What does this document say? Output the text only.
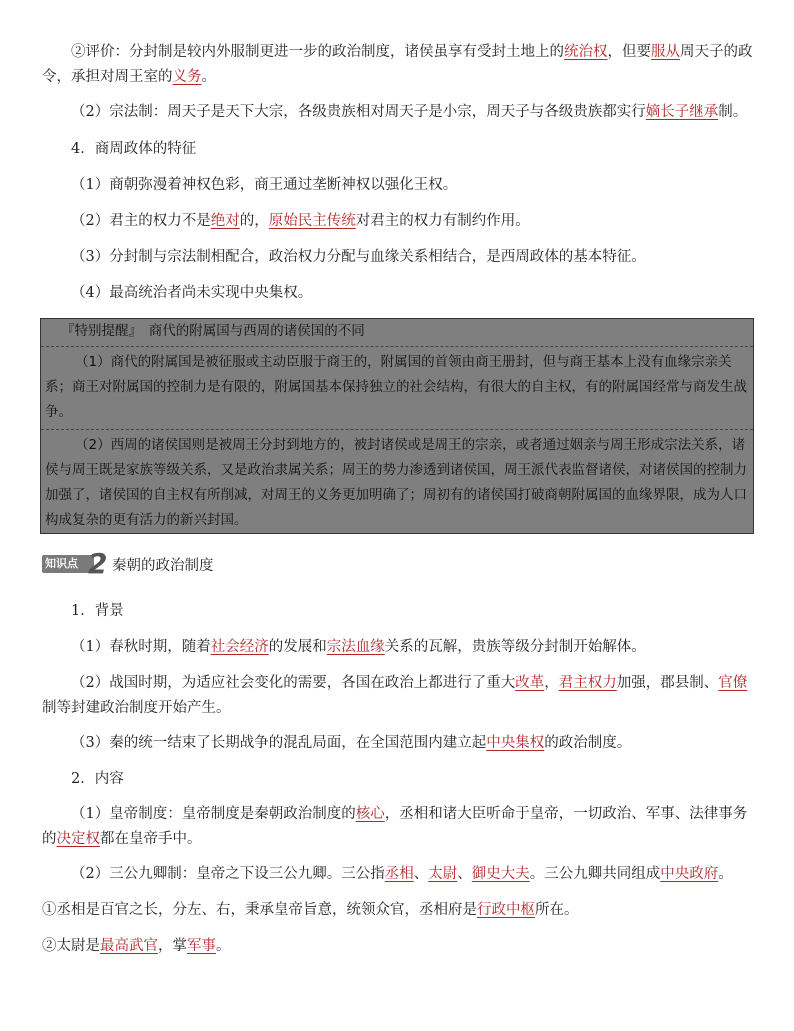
②评价：分封制是较内外服制更进一步的政治制度，诸侯虽享有受封土地上的统治权，但要服从周天子的政令，承担对周王室的义务。
（2）宗法制：周天子是天下大宗，各级贵族相对周天子是小宗，周天子与各级贵族都实行嫡长子继承制。
4．商周政体的特征
（1）商朝弥漫着神权色彩，商王通过垄断神权以强化王权。
（2）君主的权力不是绝对的，原始民主传统对君主的权力有制约作用。
（3）分封制与宗法制相配合，政治权力分配与血缘关系相结合，是西周政体的基本特征。
（4）最高统治者尚未实现中央集权。
『特别提醒』　商代的附属国与西周的诸侯国的不同
（1）商代的附属国是被征服或主动臣服于商王的，附属国的首领由商王册封，但与商王基本上没有血缘宗亲关系；商王对附属国的控制力是有限的，附属国基本保持独立的社会结构，有很大的自主权，有的附属国经常与商发生战争。
（2）西周的诸侯国则是被周王分封到地方的，被封诸侯或是周王的宗亲，或者通过姻亲与周王形成宗法关系，诸侯与周王既是家族等级关系，又是政治隶属关系；周王的势力渗透到诸侯国，周王派代表监督诸侯，对诸侯国的控制力加强了，诸侯国的自主权有所削减，对周王的义务更加明确了；周初有的诸侯国打破商朝附属国的血缘界限，成为人口构成复杂的更有活力的新兴封国。
知识点 2 秦朝的政治制度
1．背景
（1）春秋时期，随着社会经济的发展和宗法血缘关系的瓦解，贵族等级分封制开始解体。
（2）战国时期，为适应社会变化的需要，各国在政治上都进行了重大改革，君主权力加强，郡县制、官僚制等封建政治制度开始产生。
（3）秦的统一结束了长期战争的混乱局面，在全国范围内建立起中央集权的政治制度。
2．内容
（1）皇帝制度：皇帝制度是秦朝政治制度的核心，丞相和诸大臣听命于皇帝，一切政治、军事、法律事务的决定权都在皇帝手中。
（2）三公九卿制：皇帝之下设三公九卿。三公指丞相、太尉、御史大夫。三公九卿共同组成中央政府。
①丞相是百官之长，分左、右，秉承皇帝旨意，统领众官，丞相府是行政中枢所在。
②太尉是最高武官，掌军事。
